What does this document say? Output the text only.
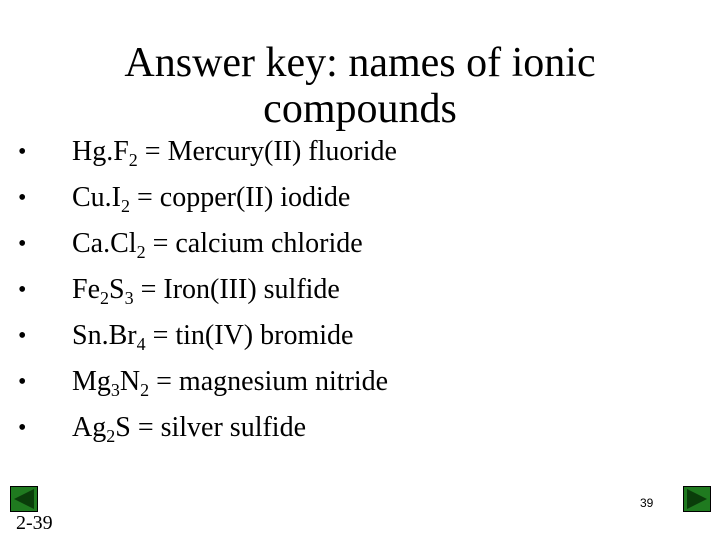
Answer key: names of ionic compounds
• $Hg.F_2$ = Mercury(II) fluoride
• $Cu.I_2$ = copper(II) iodide
• $Ca.Cl_2$ = calcium chloride
• $Fe_2S_3$ = Iron(III) sulfide
• $Sn.Br_4 = tin(IV)$ bromide
• $Mg_3N_2$ = magnesium nitride
• $Ag_2S$ = silver sulfide
39
2-39
